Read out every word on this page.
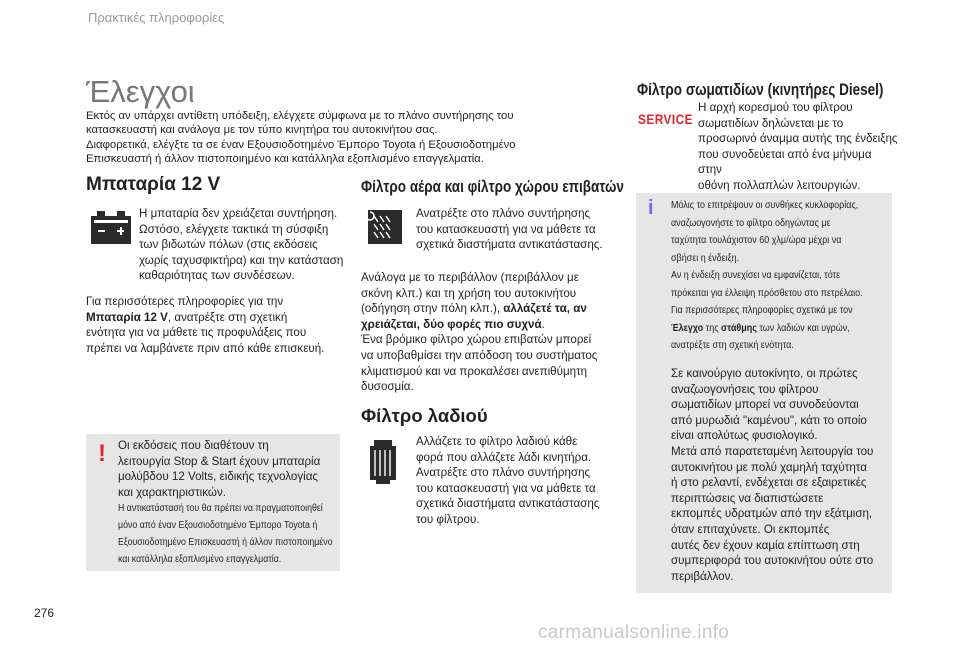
Πρακτικές πληροφορίες
Έλεγχοι
Εκτός αν υπάρχει αντίθετη υπόδειξη, ελέγχετε σύμφωνα με το πλάνο συντήρησης του
κατασκευαστή και ανάλογα με τον τύπο κινητήρα του αυτοκινήτου σας.
Διαφορετικά, ελέγξτε τα σε έναν Εξουσιοδοτημένο Έμπορο Toyota ή Εξουσιοδοτημένο
Επισκευαστή ή άλλον πιστοποιημένο και κατάλληλα εξοπλισμένο επαγγελματία.
Μπαταρία 12 V
Η μπαταρία δεν χρειάζεται συντήρηση.
Ωστόσο, ελέγχετε τακτικά τη σύσφιξη
των βιδωτών πόλων (στις εκδόσεις
χωρίς ταχυσφικτήρα) και την κατάσταση
καθαριότητας των συνδέσεων.
Για περισσότερες πληροφορίες για την
Μπαταρία 12 V, ανατρέξτε στη σχετική
ενότητα για να μάθετε τις προφυλάξεις που
πρέπει να λαμβάνετε πριν από κάθε επισκευή.
! Οι εκδόσεις που διαθέτουν τη
λειτουργία Stop & Start έχουν μπαταρία
μολύβδου 12 Volts, ειδικής τεχνολογίας
και χαρακτηριστικών.
Η αντικατάστασή του θα πρέπει να πραγματοποιηθεί
μόνο από έναν Εξουσιοδοτημένο Έμπορο Toyota ή
Εξουσιοδοτημένο Επισκευαστή ή άλλον πιστοποιημένο
και κατάλληλα εξοπλισμένο επαγγελματία.
Φίλτρο αέρα και φίλτρο χώρου επιβατών
Ανατρέξτε στο πλάνο συντήρησης
του κατασκευαστή για να μάθετε τα
σχετικά διαστήματα αντικατάστασης.
Ανάλογα με το περιβάλλον (περιβάλλον με
σκόνη κλπ.) και τη χρήση του αυτοκινήτου
(οδήγηση στην πόλη κλπ.), αλλάζετέ τα, αν
χρειάζεται, δύο φορές πιο συχνά.
Ένα βρόμικο φίλτρο χώρου επιβατών μπορεί
να υποβαθμίσει την απόδοση του συστήματος
κλιματισμού και να προκαλέσει ανεπιθύμητη
δυσοσμία.
Φίλτρο λαδιού
Αλλάζετε το φίλτρο λαδιού κάθε
φορά που αλλάζετε λάδι κινητήρα.
Ανατρέξτε στο πλάνο συντήρησης
του κατασκευαστή για να μάθετε τα
σχετικά διαστήματα αντικατάστασης
του φίλτρου.
Φίλτρο σωματιδίων (κινητήρες Diesel)
SERVICE
Η αρχή κορεσμού του φίλτρου
σωματιδίων δηλώνεται με το
προσωρινό άναμμα αυτής της ένδειξης
που συνοδεύεται από ένα μήνυμα στην
οθόνη πολλαπλών λειτουργιών.
i Μόλις το επιτρέψουν οι συνθήκες κυκλοφορίας,
αναζωογονήστε το φίλτρο οδηγώντας με
ταχύτητα τουλάχιστον 60 χλμ/ώρα μέχρι να
σβήσει η ένδειξη.
Αν η ένδειξη συνεχίσει να εμφανίζεται, τότε
πρόκειται για έλλειψη πρόσθετου στο πετρέλαιο.
Για περισσότερες πληροφορίες σχετικά με τον
Έλεγχο της στάθμης των λαδιών και υγρών,
ανατρέξτε στη σχετική ενότητα.
Σε καινούργιο αυτοκίνητο, οι πρώτες
αναζωογονήσεις του φίλτρου
σωματιδίων μπορεί να συνοδεύονται
από μυρωδιά "καμένου", κάτι το οποίο
είναι απολύτως φυσιολογικό.
Μετά από παρατεταμένη λειτουργία του
αυτοκινήτου με πολύ χαμηλή ταχύτητα
ή στο ρελαντί, ενδέχεται σε εξαιρετικές
περιπτώσεις να διαπιστώσετε
εκπομπές υδρατμών από την εξάτμιση,
όταν επιταχύνετε. Οι εκπομπές
αυτές δεν έχουν καμία επίπτωση στη
συμπεριφορά του αυτοκινήτου ούτε στο
περιβάλλον.
276
carmanualsonline.info
